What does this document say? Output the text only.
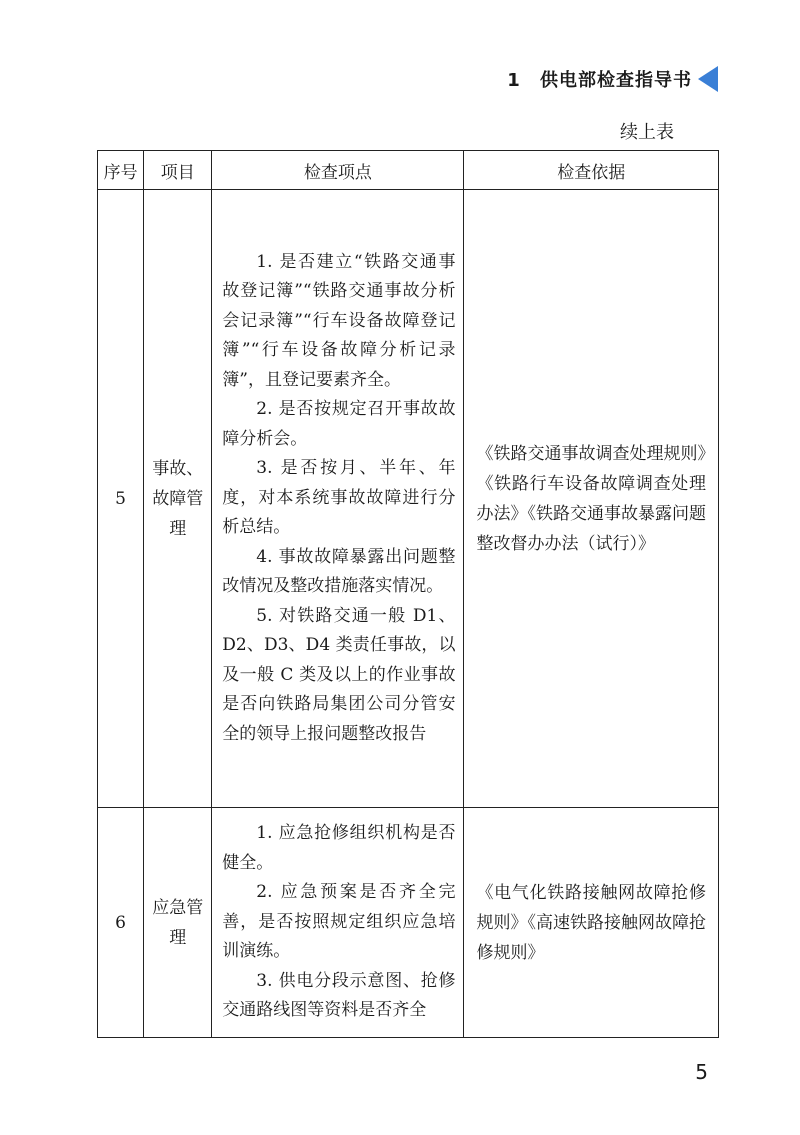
1 供电部检查指导书
续上表
序号	项目	检查项点	检查依据
5	事故、故障管理	1. 是否建立“铁路交通事故登记簿”“铁路交通事故分析会记录簿”“行车设备故障登记簿”“行车设备故障分析记录簿”，且登记要素齐全。

2. 是否按规定召开事故故障分析会。

3. 是否按月、半年、年度，对本系统事故故障进行分析总结。

4. 事故故障暴露出问题整改情况及整改措施落实情况。

5. 对铁路交通一般 D1、D2、D3、D4 类责任事故，以及一般 C 类及以上的作业事故是否向铁路局集团公司分管安全的领导上报问题整改报告	《铁路交通事故调查处理规则》《铁路行车设备故障调查处理办法》《铁路交通事故暴露问题整改督办办法（试行）》
6	应急管理	1. 应急抢修组织机构是否健全。

2. 应急预案是否齐全完善，是否按照规定组织应急培训演练。

3. 供电分段示意图、抢修交通路线图等资料是否齐全	《电气化铁路接触网故障抢修规则》《高速铁路接触网故障抢修规则》
5
